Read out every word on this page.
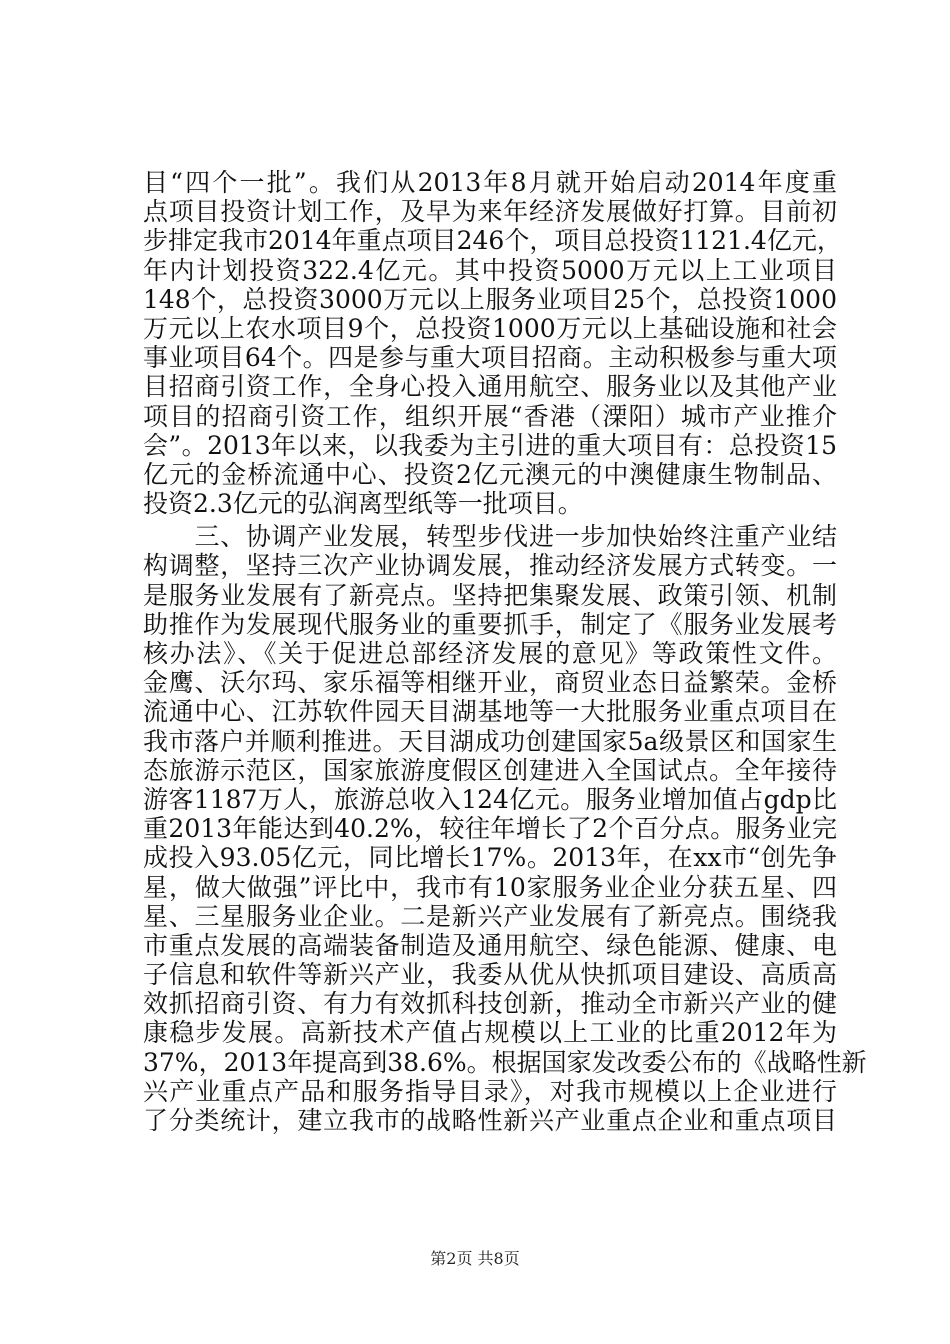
目“四个一批”。我们从2013年8月就开始启动2014年度重
点项目投资计划工作，及早为来年经济发展做好打算。目前初
步排定我市2014年重点项目246个，项目总投资1121.4亿元，
年内计划投资322.4亿元。其中投资5000万元以上工业项目
148个，总投资3000万元以上服务业项目25个，总投资1000
万元以上农水项目9个，总投资1000万元以上基础设施和社会
事业项目64个。四是参与重大项目招商。主动积极参与重大项
目招商引资工作，全身心投入通用航空、服务业以及其他产业
项目的招商引资工作，组织开展“香港（溧阳）城市产业推介
会”。2013年以来，以我委为主引进的重大项目有：总投资15
亿元的金桥流通中心、投资2亿元澳元的中澳健康生物制品、
投资2.3亿元的弘润离型纸等一批项目。
　　三、协调产业发展，转型步伐进一步加快始终注重产业结
构调整，坚持三次产业协调发展，推动经济发展方式转变。一
是服务业发展有了新亮点。坚持把集聚发展、政策引领、机制
助推作为发展现代服务业的重要抓手，制定了《服务业发展考
核办法》、《关于促进总部经济发展的意见》等政策性文件。
金鹰、沃尔玛、家乐福等相继开业，商贸业态日益繁荣。金桥
流通中心、江苏软件园天目湖基地等一大批服务业重点项目在
我市落户并顺利推进。天目湖成功创建国家5a级景区和国家生
态旅游示范区，国家旅游度假区创建进入全国试点。全年接待
游客1187万人，旅游总收入124亿元。服务业增加值占gdp比
重2013年能达到40.2%，较往年增长了2个百分点。服务业完
成投入93.05亿元，同比增长17%。2013年，在xx市“创先争
星，做大做强”评比中，我市有10家服务业企业分获五星、四
星、三星服务业企业。二是新兴产业发展有了新亮点。围绕我
市重点发展的高端装备制造及通用航空、绿色能源、健康、电
子信息和软件等新兴产业，我委从优从快抓项目建设、高质高
效抓招商引资、有力有效抓科技创新，推动全市新兴产业的健
康稳步发展。高新技术产值占规模以上工业的比重2012年为
37%，2013年提高到38.6%。根据国家发改委公布的《战略性新
兴产业重点产品和服务指导目录》，对我市规模以上企业进行
了分类统计，建立我市的战略性新兴产业重点企业和重点项目
第2页 共8页
